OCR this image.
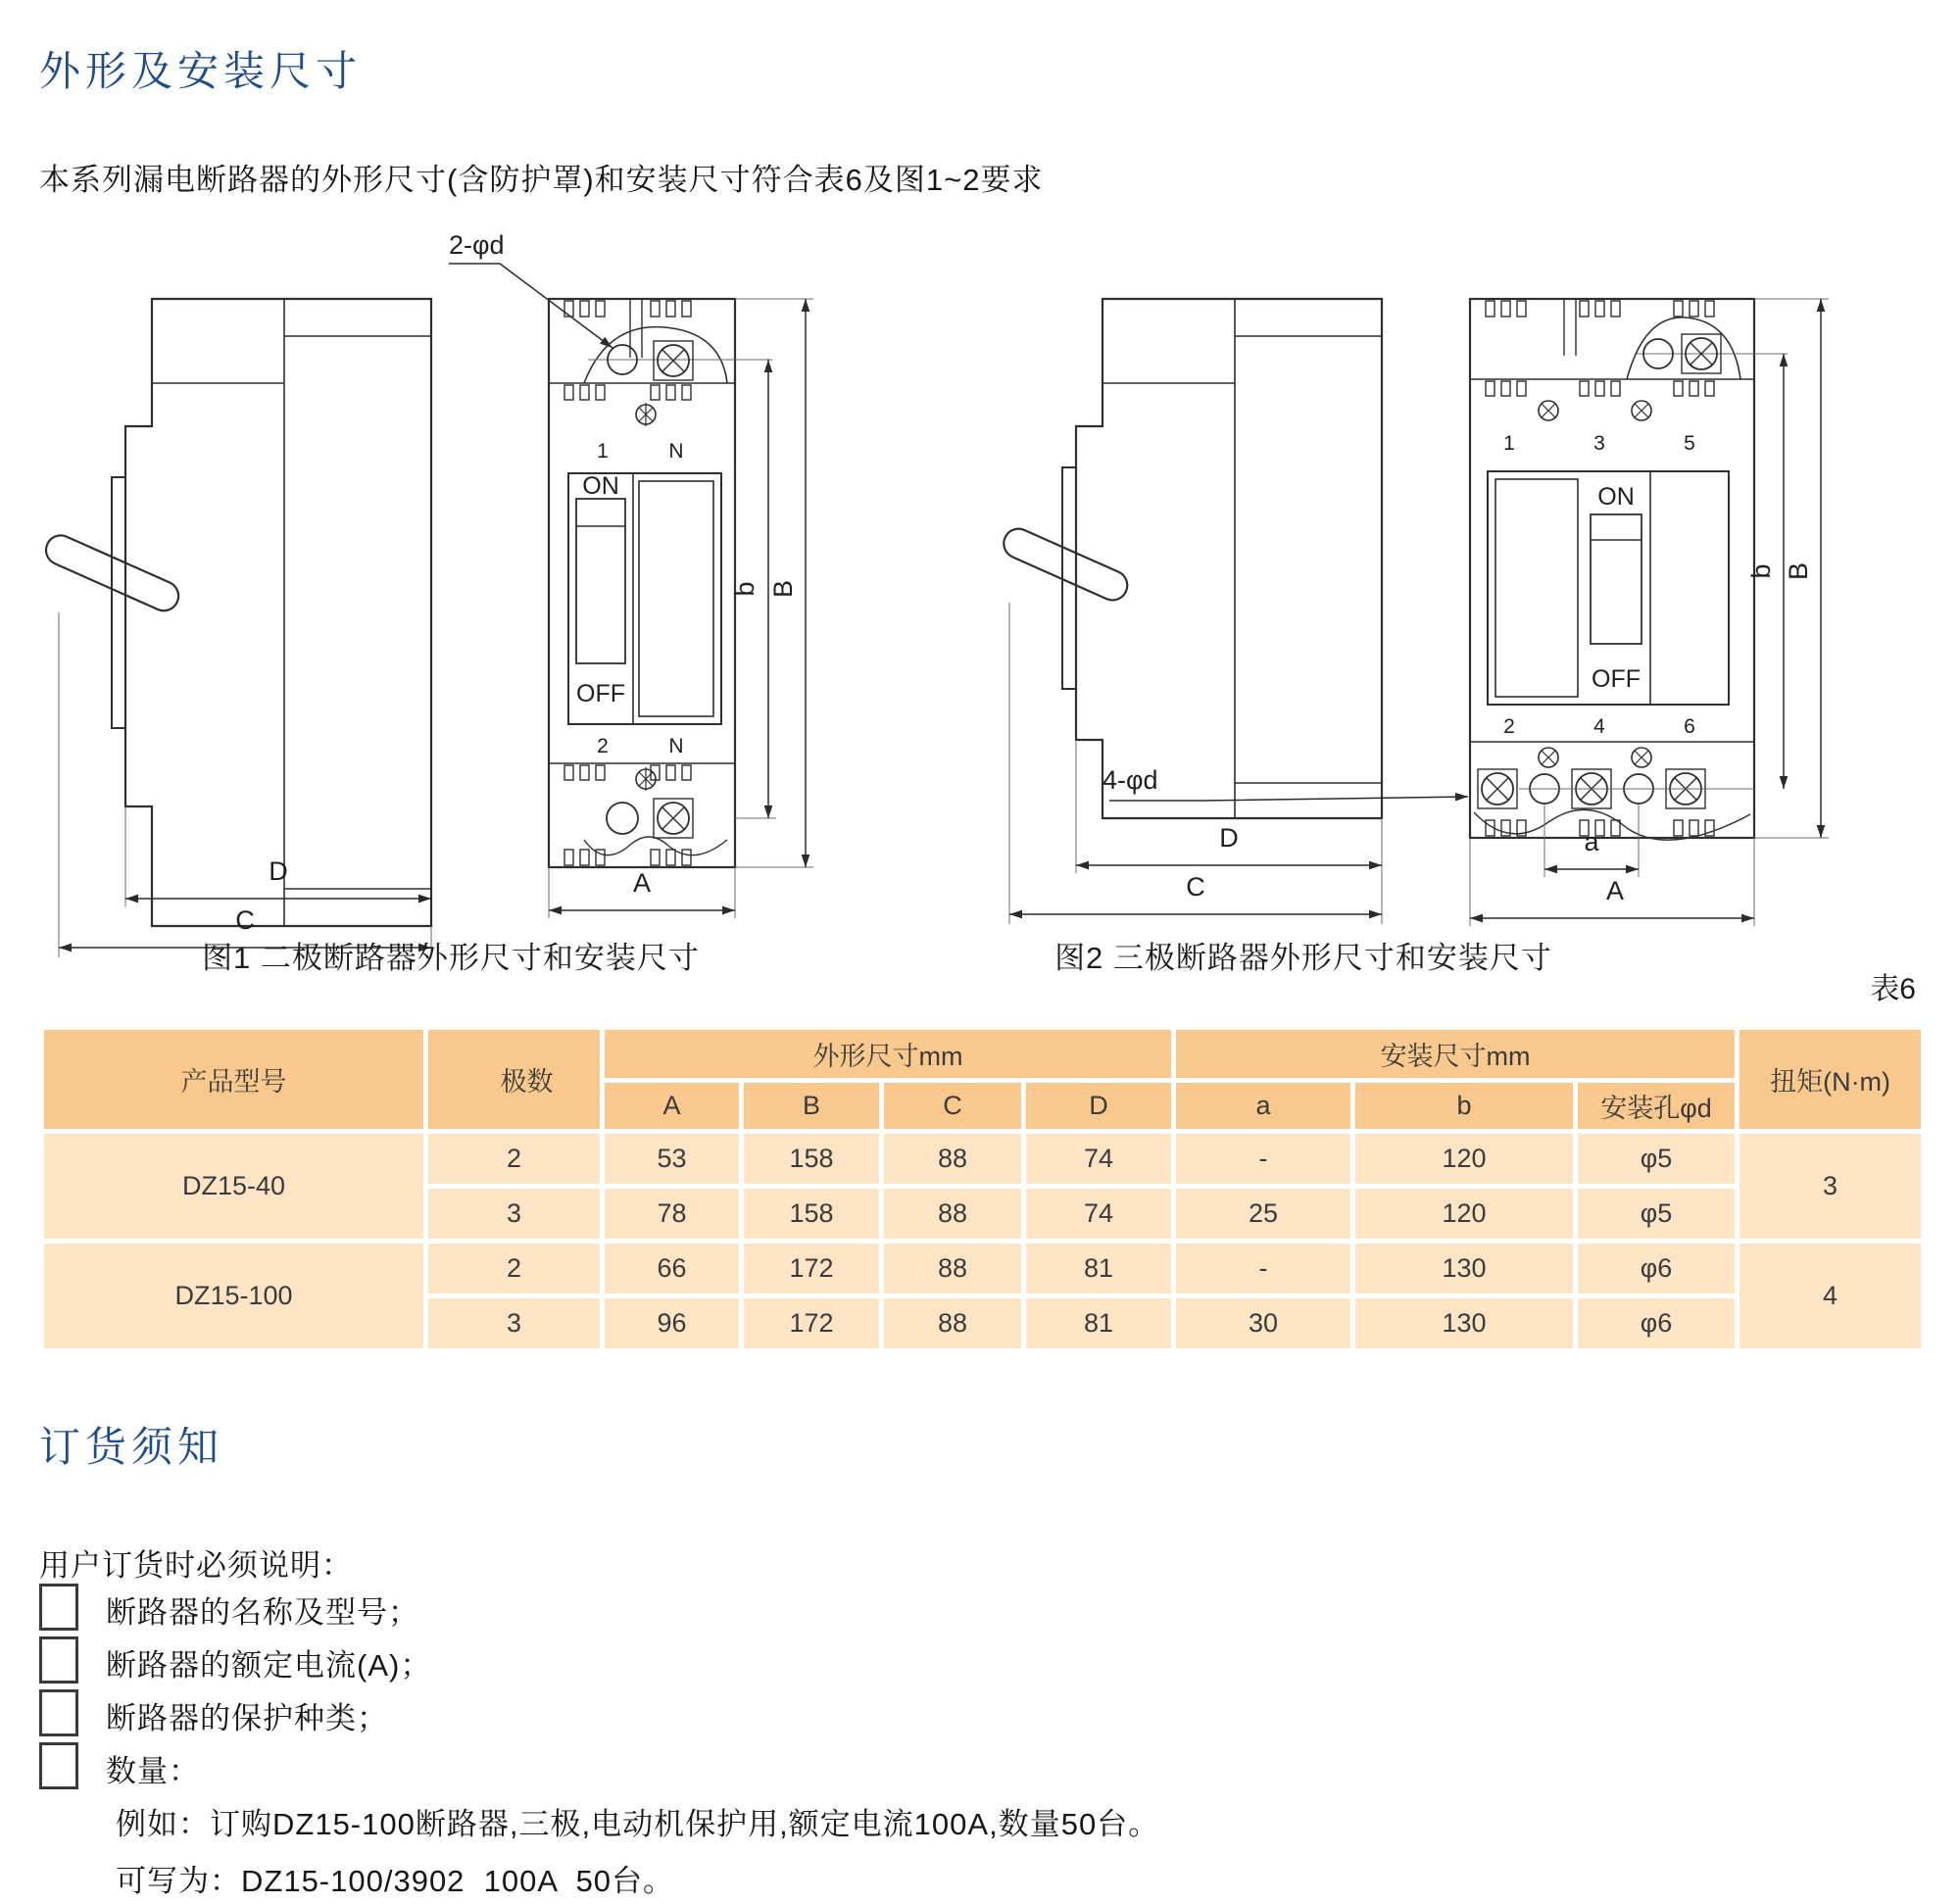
外形及安装尺寸
本系列漏电断路器的外形尺寸(含防护罩)和安装尺寸符合表6及图1~2要求
D
C
1	N
ON
OFF
2	N
2-φd
A
b B
D
C
1	3	5
ON
OFF
2	4	6
4-φd
a
A
b B
图1 二极断路器外形尺寸和安装尺寸	图2 三极断路器外形尺寸和安装尺寸
表6
产品型号	极数	外形尺寸mm				安装尺寸mm			扭矩(N·m)
		A	B	C	D	a	b	安装孔φd	
DZ15-40	2	53	158	88	74	-	120	φ5	3
	3	78	158	88	74	25	120	φ5	
DZ15-100	2	66	172	88	81	-	130	φ6	4
	3	96	172	88	81	30	130	φ6	
订货须知
用户订货时必须说明：
断路器的名称及型号；
断路器的额定电流(A)；
断路器的保护种类；
数量：
例如：订购DZ15-100断路器,三极,电动机保护用,额定电流100A,数量50台。
可写为：DZ15-100/3902  100A  50台。
